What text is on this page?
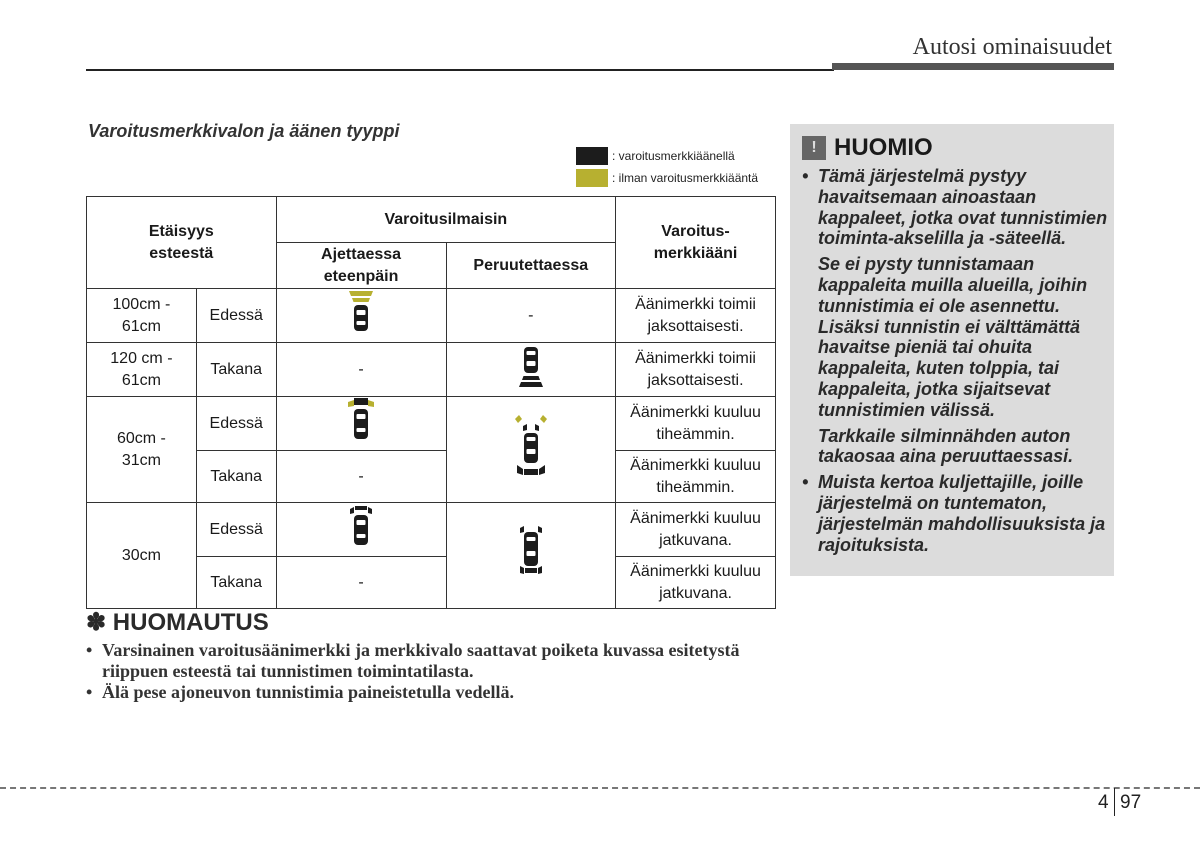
Autosi ominaisuudet
Varoitusmerkkivalon ja äänen tyyppi
: varoitusmerkkiäänellä
: ilman varoitusmerkkiääntä
Etäisyys esteestä		Varoitusilmaisin		Varoitus-merkkiääni
		Ajettaessa eteenpäin	Peruutettaessa	
100cm - 61cm	Edessä		-	Äänimerkki toimii jaksottaisesti.
120 cm - 61cm	Takana	-		Äänimerkki toimii jaksottaisesti.
60cm - 31cm	Edessä			Äänimerkki kuuluu tiheämmin.
	Takana	-		Äänimerkki kuuluu tiheämmin.
30cm	Edessä			Äänimerkki kuuluu jatkuvana.
	Takana	-		Äänimerkki kuuluu jatkuvana.
✽ HUOMAUTUS
• Varsinainen varoitusäänimerkki ja merkkivalo saattavat poiketa kuvassa esitetystä riippuen esteestä tai tunnistimen toimintatilasta.
• Älä pese ajoneuvon tunnistimia paineistetulla vedellä.
! HUOMIO
• Tämä järjestelmä pystyy havaitsemaan ainoastaan kappaleet, jotka ovat tunnistimien toiminta-akselilla ja -säteellä.

Se ei pysty tunnistamaan kappaleita muilla alueilla, joihin tunnistimia ei ole asennettu. Lisäksi tunnistin ei välttämättä havaitse pieniä tai ohuita kappaleita, kuten tolppia, tai kappaleita, jotka sijaitsevat tunnistimien välissä.

Tarkkaile silminnähden auton takaosaa aina peruuttaessasi.

• Muista kertoa kuljettajille, joille järjestelmä on tuntematon, järjestelmän mahdollisuuksista ja rajoituksista.

4 97
